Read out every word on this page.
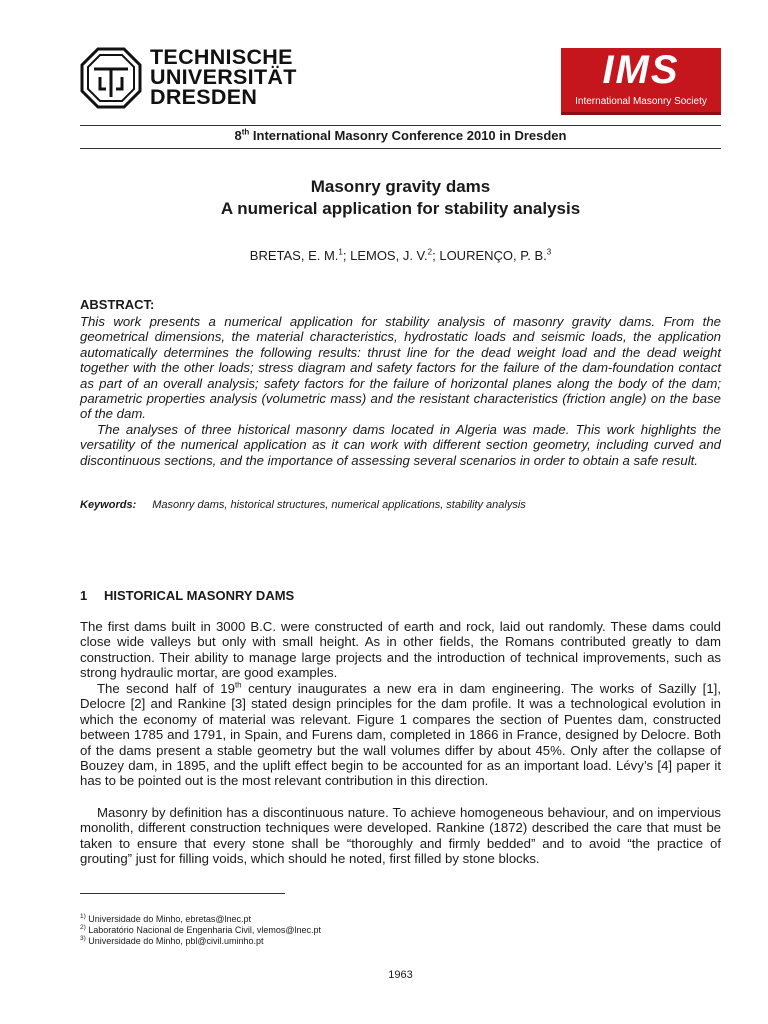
TECHNISCHE
UNIVERSITÄT
DRESDEN
IMS
International Masonry Society
8th International Masonry Conference 2010 in Dresden
Masonry gravity dams
A numerical application for stability analysis
BRETAS, E. M.$^1$; LEMOS, J. V.$^2$; LOURENÇO, P. B.$^3$
ABSTRACT:
This work presents a numerical application for stability analysis of masonry gravity dams. From the geometrical dimensions, the material characteristics, hydrostatic loads and seismic loads, the application automatically determines the following results: thrust line for the dead weight load and the dead weight together with the other loads; stress diagram and safety factors for the failure of the dam-foundation contact as part of an overall analysis; safety factors for the failure of horizontal planes along the body of the dam; parametric properties analysis (volumetric mass) and the resistant characteristics (friction angle) on the base of the dam.
The analyses of three historical masonry dams located in Algeria was made. This work highlights the versatility of the numerical application as it can work with different section geometry, including curved and discontinuous sections, and the importance of assessing several scenarios in order to obtain a safe result.
Keywords: Masonry dams, historical structures, numerical applications, stability analysis
1 HISTORICAL MASONRY DAMS
The first dams built in 3000 B.C. were constructed of earth and rock, laid out randomly. These dams could close wide valleys but only with small height. As in other fields, the Romans contributed greatly to dam construction. Their ability to manage large projects and the introduction of technical improvements, such as strong hydraulic mortar, are good examples.
The second half of 19th century inaugurates a new era in dam engineering. The works of Sazilly [1], Delocre [2] and Rankine [3] stated design principles for the dam profile. It was a technological evolution in which the economy of material was relevant. Figure 1 compares the section of Puentes dam, constructed between 1785 and 1791, in Spain, and Furens dam, completed in 1866 in France, designed by Delocre. Both of the dams present a stable geometry but the wall volumes differ by about 45%. Only after the collapse of Bouzey dam, in 1895, and the uplift effect begin to be accounted for as an important load. Lévy’s [4] paper it has to be pointed out is the most relevant contribution in this direction.
Masonry by definition has a discontinuous nature. To achieve homogeneous behaviour, and on impervious monolith, different construction techniques were developed. Rankine (1872) described the care that must be taken to ensure that every stone shall be “thoroughly and firmly bedded” and to avoid “the practice of grouting” just for filling voids, which should he noted, first filled by stone blocks.
$^{1)}$ Universidade do Minho, ebretas@lnec.pt
$^{2)}$ Laboratório Nacional de Engenharia Civil, vlemos@lnec.pt
$^{3)}$ Universidade do Minho, pbl@civil.uminho.pt
1963
